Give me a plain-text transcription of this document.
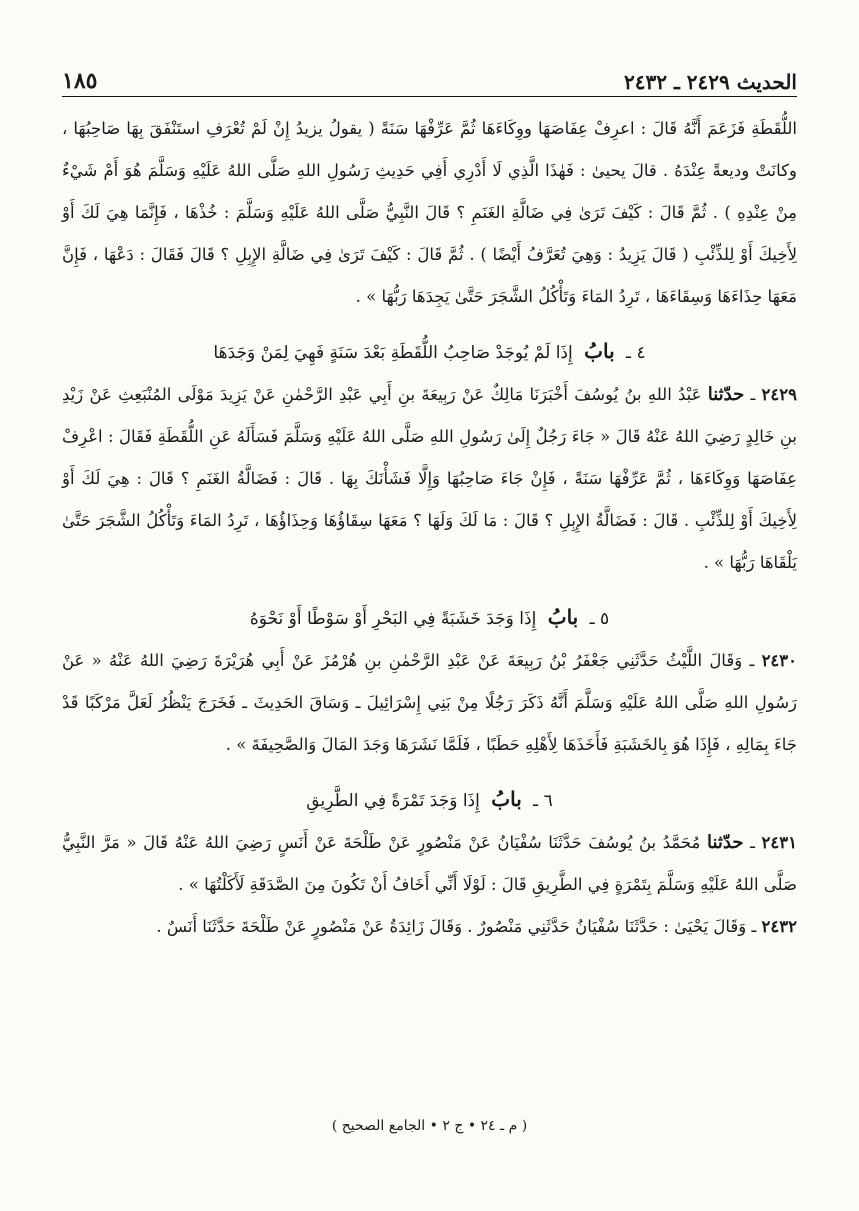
الحديث ٢٤٢٩ ـ ٢٤٣٢
١٨٥

اللُّقَطَةِ فَزَعَمَ أَنَّهُ قَالَ : اعرِفْ عِفَاصَهَا ووِكَاءَهَا ثُمَّ عَرِّفْهَا سَنَةً ( يقولُ يزيدُ إِنْ لَمْ تُعْرَفِ استَنْفَقَ بِهَا صَاحِبُهَا ، وكانَتْ وديعةً عِنْدَهُ . قالَ يحيىٰ : فَهٰذَا الَّذِي لَا أَدْرِي أَفِي حَدِيثِ رَسُولِ اللهِ صَلَّى اللهُ عَلَيْهِ وَسَلَّمَ هُوَ أَمْ شَيْءٌ مِنْ عِنْدِهِ ) . ثُمَّ قَالَ : كَيْفَ تَرَىٰ فِي ضَالَّةِ الغَنَمِ ؟ قَالَ النَّبِيُّ صَلَّى اللهُ عَلَيْهِ وَسَلَّمَ : خُذْهَا ، فَإِنَّمَا هِيَ لَكَ أَوْ لِأَخِيكَ أَوْ لِلذِّئْبِ ( قَالَ يَزِيدُ : وَهِيَ تُعَرَّفُ أَيْضًا ) . ثُمَّ قَالَ : كَيْفَ تَرَىٰ فِي ضَالَّةِ الإِبِلِ ؟ قَالَ فَقَالَ : دَعْهَا ، فَإِنَّ مَعَهَا حِذَاءَهَا وَسِقَاءَهَا ، تَرِدُ المَاءَ وَتَأْكُلُ الشَّجَرَ حَتَّىٰ يَجِدَهَا رَبُّهَا » .

٤ ـ بابُ إِذَا لَمْ يُوجَدْ صَاحِبُ اللُّقَطَةِ بَعْدَ سَنَةٍ فَهِيَ لِمَنْ وَجَدَهَا

٢٤٢٩ ـ حدّثنا عَبْدُ اللهِ بنُ يُوسُفَ أَخْبَرَنَا مَالِكٌ عَنْ رَبِيعَةَ بنِ أَبِي عَبْدِ الرَّحْمٰنِ عَنْ يَزِيدَ مَوْلَى المُنْبَعِثِ عَنْ زَيْدِ بنِ خَالِدٍ رَضِيَ اللهُ عَنْهُ قَالَ « جَاءَ رَجُلٌ إِلَىٰ رَسُولِ اللهِ صَلَّى اللهُ عَلَيْهِ وَسَلَّمَ فَسَأَلَهُ عَنِ اللُّقَطَةِ فَقَالَ : اعْرِفْ عِفَاصَهَا وَوِكَاءَهَا ، ثُمَّ عَرِّفْهَا سَنَةً ، فَإِنْ جَاءَ صَاحِبُهَا وَإِلَّا فَشَأْنَكَ بِهَا . قَالَ : فَضَالَّةُ الغَنَمِ ؟ قَالَ : هِيَ لَكَ أَوْ لِأَخِيكَ أَوْ لِلذِّئْبِ . قَالَ : فَضَالَّةُ الإِبِلِ ؟ قَالَ : مَا لَكَ وَلَهَا ؟ مَعَهَا سِقَاؤُهَا وَحِذَاؤُهَا ، تَرِدُ المَاءَ وَتَأْكُلُ الشَّجَرَ حَتَّىٰ يَلْقَاهَا رَبُّهَا » .

٥ ـ بابُ إِذَا وَجَدَ خَشَبَةً فِي البَحْرِ أَوْ سَوْطًا أَوْ نَحْوَهُ

٢٤٣٠ ـ وَقَالَ اللَّيْثُ حَدَّثَنِي جَعْفَرُ بْنُ رَبِيعَةَ عَنْ عَبْدِ الرَّحْمٰنِ بنِ هُرْمُزَ عَنْ أَبِي هُرَيْرَةَ رَضِيَ اللهُ عَنْهُ « عَنْ رَسُولِ اللهِ صَلَّى اللهُ عَلَيْهِ وَسَلَّمَ أَنَّهُ ذَكَرَ رَجُلًا مِنْ بَنِي إِسْرَائِيلَ ـ وَسَاقَ الحَدِيثَ ـ فَخَرَجَ يَنْظُرُ لَعَلَّ مَرْكَبًا قَدْ جَاءَ بِمَالِهِ ، فَإِذَا هُوَ بِالخَشَبَةِ فَأَخَذَهَا لِأَهْلِهِ حَطَبًا ، فَلَمَّا نَشَرَهَا وَجَدَ المَالَ وَالصَّحِيفَةَ » .

٦ ـ بابُ إِذَا وَجَدَ تَمْرَةً فِي الطَّرِيقِ

٢٤٣١ ـ حدّثنا مُحَمَّدُ بنُ يُوسُفَ حَدَّثَنَا سُفْيَانُ عَنْ مَنْصُورٍ عَنْ طَلْحَةَ عَنْ أَنَسٍ رَضِيَ اللهُ عَنْهُ قَالَ « مَرَّ النَّبِيُّ صَلَّى اللهُ عَلَيْهِ وَسَلَّمَ بِتَمْرَةٍ فِي الطَّرِيقِ قَالَ : لَوْلَا أَنِّي أَخَافُ أَنْ تَكُونَ مِنَ الصَّدَقَةِ لَأَكَلْتُهَا » .

٢٤٣٢ ـ وَقَالَ يَحْيَىٰ : حَدَّثَنَا سُفْيَانُ حَدَّثَنِي مَنْصُورٌ . وَقَالَ زَائِدَةُ عَنْ مَنْصُورٍ عَنْ طَلْحَةَ حَدَّثَنَا أَنَسٌ .

( م ـ ٢٤ • ج ٢ • الجامع الصحيح )
